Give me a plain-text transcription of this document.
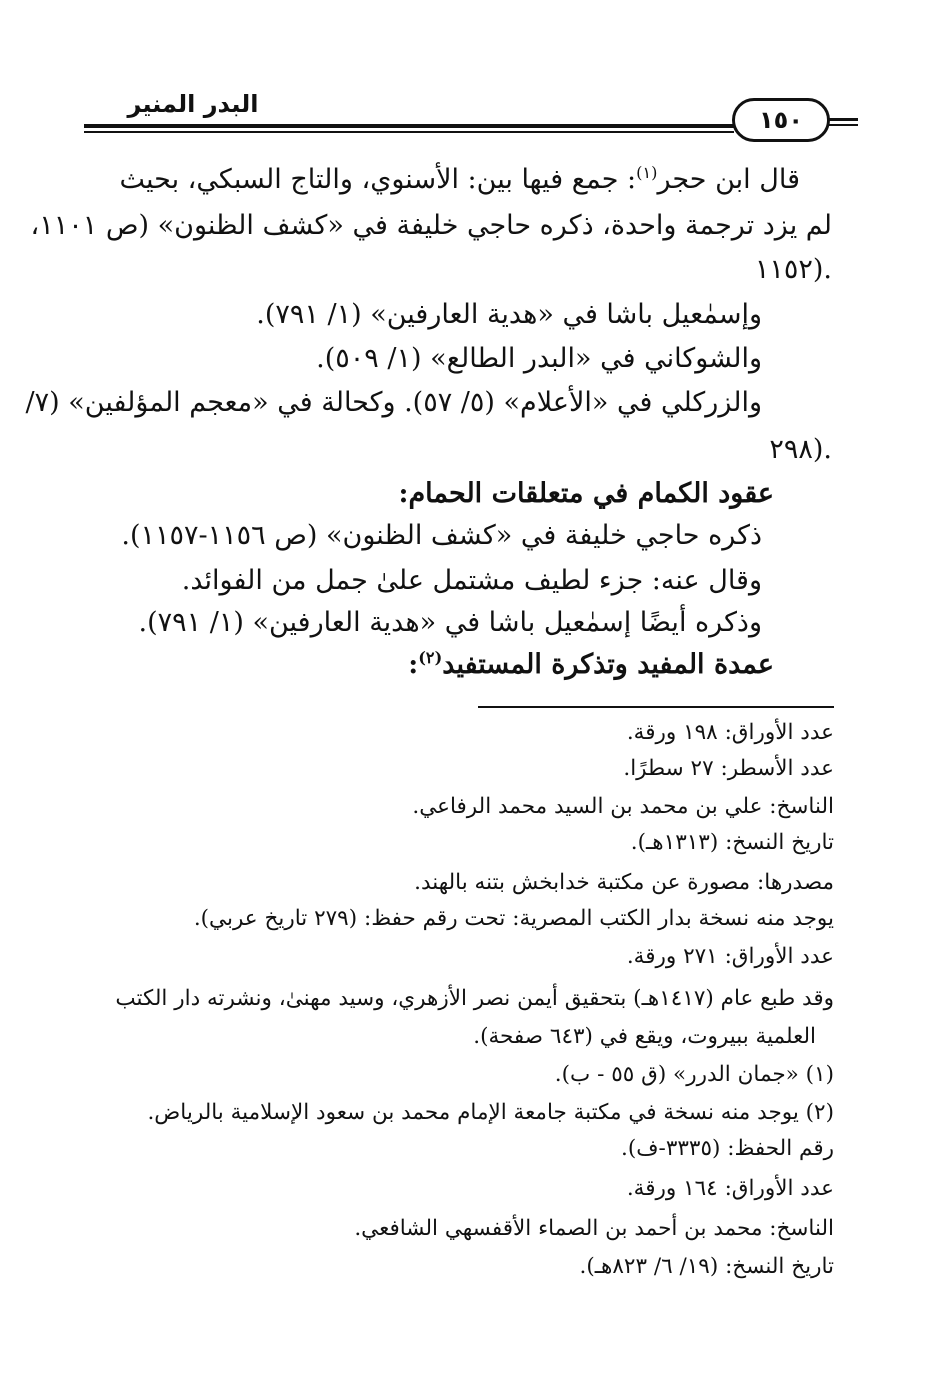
البدر المنير
١٥٠
قال ابن حجر$^{(١)}$: جمع فيها بين: الأسنوي، والتاج السبكي، بحيث
لم يزد ترجمة واحدة، ذكره حاجي خليفة في «كشف الظنون» (ص ١١٠١،
١١٥٢).
وإسمٰعيل باشا في «هدية العارفين» (١/ ٧٩١).
والشوكاني في «البدر الطالع» (١/ ٥٠٩).
والزركلي في «الأعلام» (٥/ ٥٧). وكحالة في «معجم المؤلفين» (٧/
٢٩٨).
عقود الكمام في متعلقات الحمام:
ذكره حاجي خليفة في «كشف الظنون» (ص ١١٥٦-١١٥٧).
وقال عنه: جزء لطيف مشتمل علىٰ جمل من الفوائد.
وذكره أيضًا إسمٰعيل باشا في «هدية العارفين» (١/ ٧٩١).
عمدة المفيد وتذكرة المستفيد$^{(٢)}$:
عدد الأوراق: ١٩٨ ورقة.
عدد الأسطر: ٢٧ سطرًا.
الناسخ: علي بن محمد بن السيد محمد الرفاعي.
تاريخ النسخ: (١٣١٣هـ).
مصدرها: مصورة عن مكتبة خدابخش بتنه بالهند.
يوجد منه نسخة بدار الكتب المصرية: تحت رقم حفظ: (٢٧٩ تاريخ عربي).
عدد الأوراق: ٢٧١ ورقة.
وقد طبع عام (١٤١٧هـ) بتحقيق أيمن نصر الأزهري، وسيد مهنىٰ، ونشرته دار الكتب
العلمية ببيروت، ويقع في (٦٤٣ صفحة).
(١) «جمان الدرر» (ق ٥٥ - ب).
(٢) يوجد منه نسخة في مكتبة جامعة الإمام محمد بن سعود الإسلامية بالرياض.
رقم الحفظ: (٣٣٣٥-ف).
عدد الأوراق: ١٦٤ ورقة.
الناسخ: محمد بن أحمد بن الصماء الأقفسهي الشافعي.
تاريخ النسخ: (١٩/ ٦/ ٨٢٣هـ).
